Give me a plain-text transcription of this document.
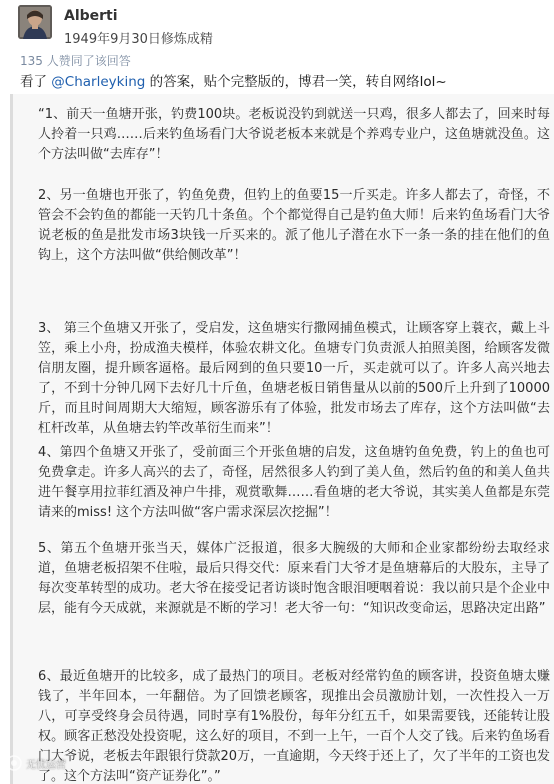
Alberti
1949年9月30日修炼成精
135 人赞同了该回答
看了 @Charleyking 的答案，贴个完整版的，博君一笑，转自网络lol~
“1、前天一鱼塘开张，钓费100块。老板说没钓到就送一只鸡，很多人都去了，回来时每人拎着一只鸡……后来钓鱼场看门大爷说老板本来就是个养鸡专业户，这鱼塘就没鱼。这个方法叫做“去库存”！
2、另一鱼塘也开张了，钓鱼免费，但钓上的鱼要15一斤买走。许多人都去了，奇怪，不管会不会钓鱼的都能一天钓几十条鱼。个个都觉得自己是钓鱼大师！后来钓鱼场看门大爷说老板的鱼是批发市场3块钱一斤买来的。派了他儿子潜在水下一条一条的挂在他们的鱼钩上，这个方法叫做“供给侧改革”！
3、 第三个鱼塘又开张了，受启发，这鱼塘实行撒网捕鱼模式，让顾客穿上蓑衣，戴上斗笠，乘上小舟，扮成渔夫模样，体验农耕文化。鱼塘专门负责派人拍照美图，给顾客发微信朋友圈，提升顾客逼格。最后网到的鱼只要10一斤，买走就可以了。许多人高兴地去了，不到十分钟几网下去好几十斤鱼，鱼塘老板日销售量从以前的500斤上升到了10000斤，而且时间周期大大缩短，顾客游乐有了体验，批发市场去了库存，这个方法叫做“去杠杆改革，从鱼塘去钓竿改革衍生而来”！
4、第四个鱼塘又开张了，受前面三个开张鱼塘的启发，这鱼塘钓鱼免费，钓上的鱼也可免费拿走。许多人高兴的去了，奇怪，居然很多人钓到了美人鱼，然后钓鱼的和美人鱼共进午餐享用拉菲红酒及神户牛排，观赏歌舞……看鱼塘的老大爷说，其实美人鱼都是东莞请来的miss! 这个方法叫做“客户需求深层次挖掘”！
5、第五个鱼塘开张当天，媒体广泛报道，很多大腕级的大师和企业家都纷纷去取经求道，鱼塘老板招架不住啦，最后只得交代：原来看门大爷才是鱼塘幕后的大股东，主导了每次变革转型的成功。老大爷在接受记者访谈时饱含眼泪哽咽着说：我以前只是个企业中层，能有今天成就，来源就是不断的学习！老大爷一句：“知识改变命运，思路决定出路”
6、最近鱼塘开的比较多，成了最热门的项目。老板对经常钓鱼的顾客讲，投资鱼塘太赚钱了，半年回本，一年翻倍。为了回馈老顾客，现推出会员激励计划，一次性投入一万八，可享受终身会员待遇，同时享有1%股份，每年分红五千，如果需要钱，还能转让股权。顾客正愁没处投资呢，这么好的项目，不到一上午，一百个人交了钱。后来钓鱼场看门大爷说，老板去年跟银行贷款20万，一直逾期，今天终于还上了，欠了半年的工资也发了。这个方法叫“资产证券化”。”
无忧运营
